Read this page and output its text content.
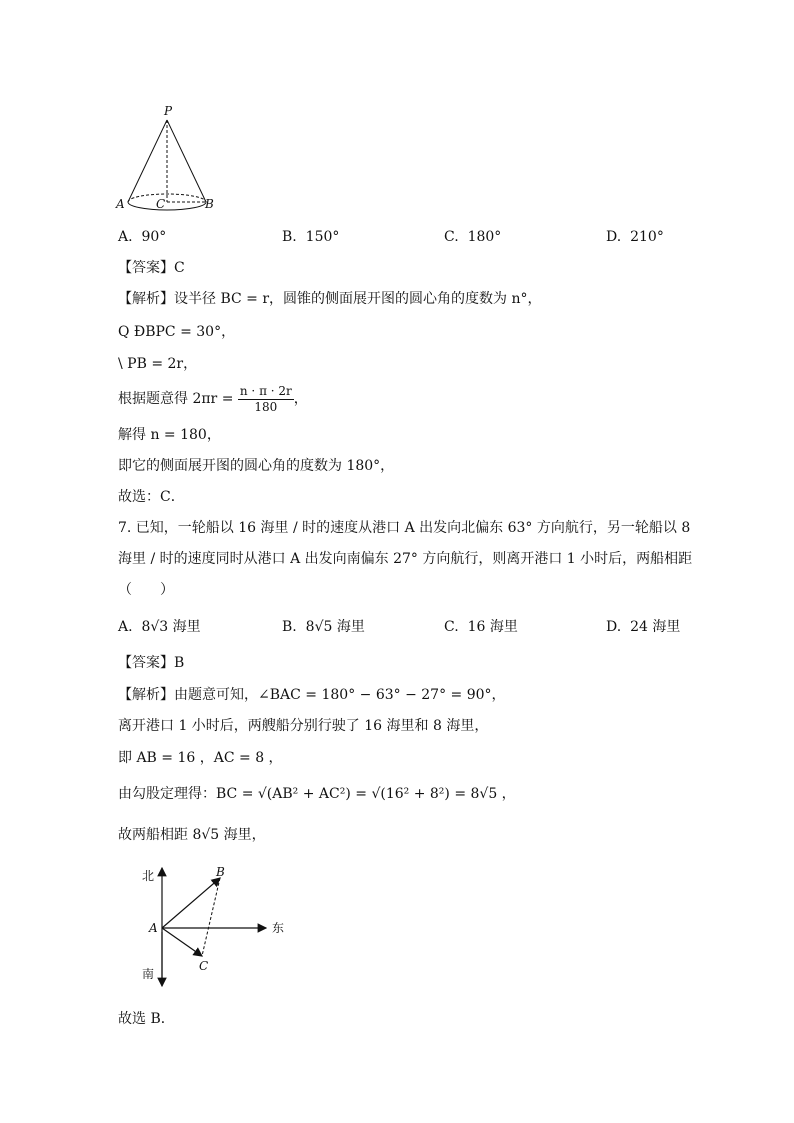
P
A	C	B
A. 90°	B. 150°	C. 180°	D. 210°
【答案】C
【解析】设半径 BC = r，圆锥的侧面展开图的圆心角的度数为 n°，
Q ÐBPC = 30°，
\ PB = 2r，
根据题意得 $2\pi r = \frac{n \cdot \pi \cdot 2r}{180}$ ，
解得 n = 180，
即它的侧面展开图的圆心角的度数为 180°，
故选：C．
7. 已知，一轮船以 16 海里 / 时的速度从港口 A 出发向北偏东 63° 方向航行，另一轮船以 8
海里 / 时的速度同时从港口 A 出发向南偏东 27° 方向航行，则离开港口 1 小时后，两船相距
（　　）
A. 8√3 海里	B. 8√5 海里	C. 16 海里	D. 24 海里
【答案】B
【解析】由题意可知，∠BAC = 180° − 63° − 27° = 90°，
离开港口 1 小时后，两艘船分别行驶了 16 海里和 8 海里，
即 AB = 16 ，AC = 8 ，
由勾股定理得：BC = √(AB² + AC²) = √(16² + 8²) = 8√5 ，
故两船相距 8√5 海里，
北
南
东
A
B
C
故选 B．
